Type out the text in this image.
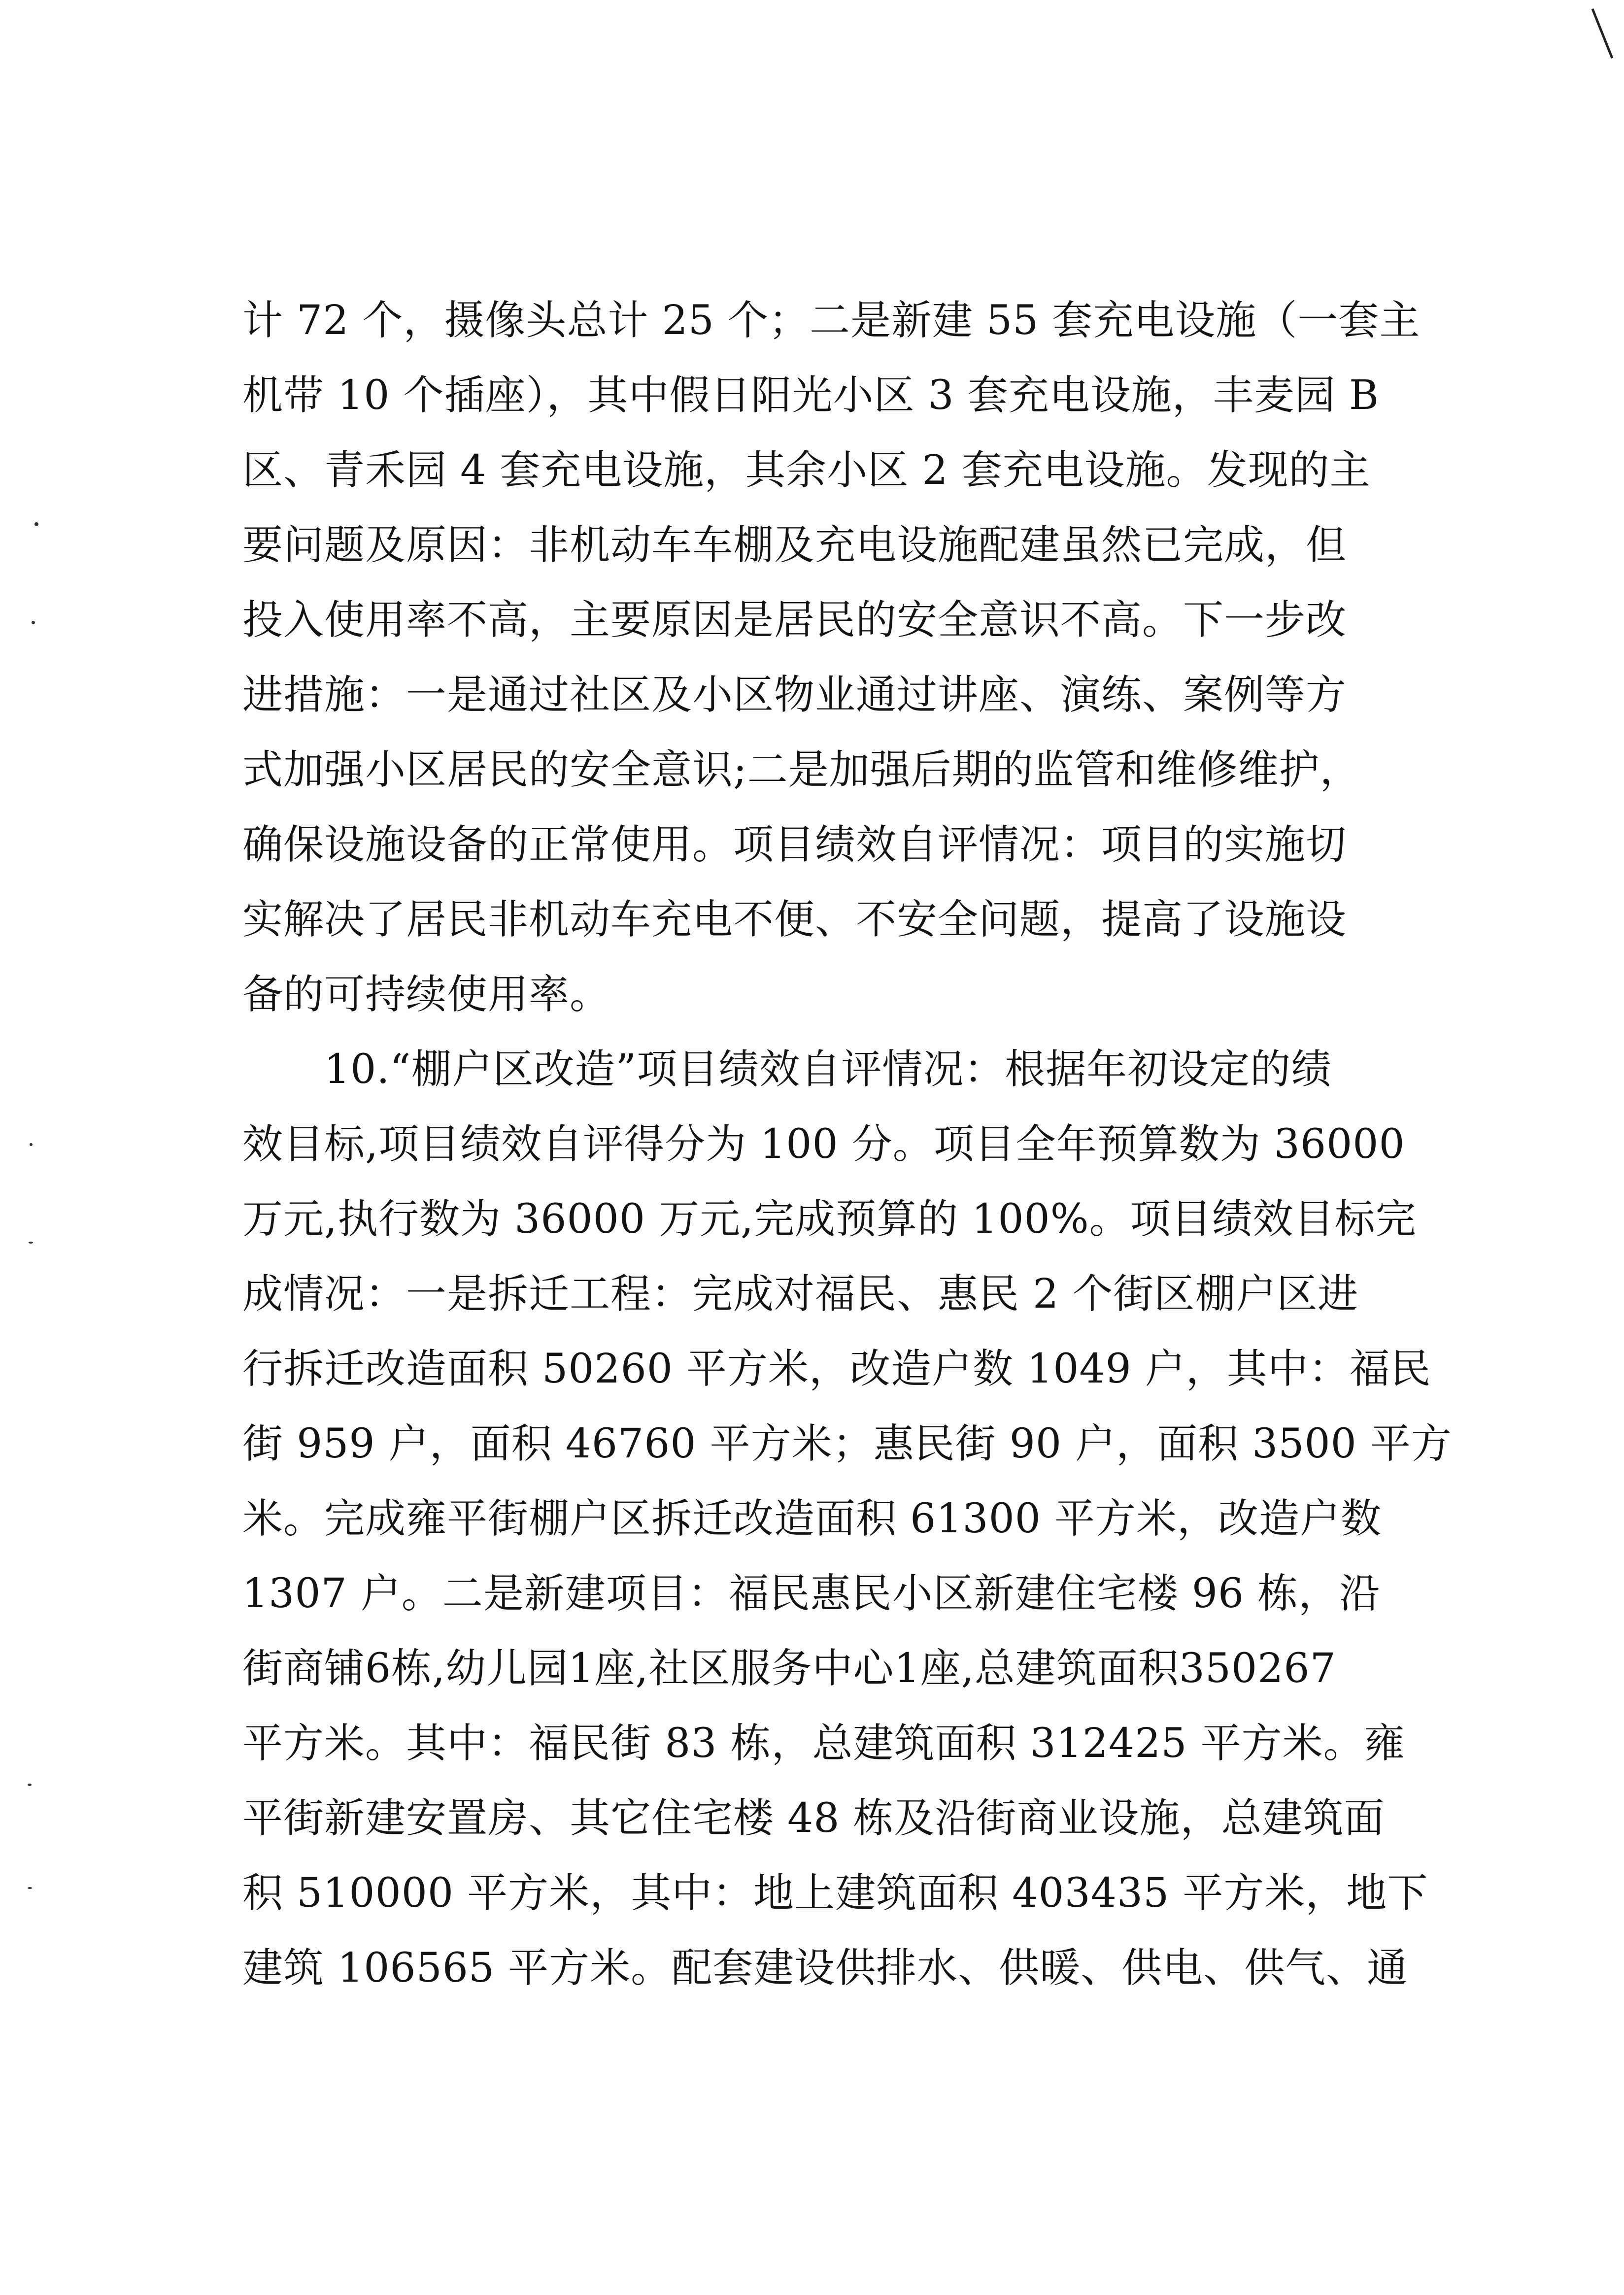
计 72 个，摄像头总计 25 个；二是新建 55 套充电设施（一套主
机带 10 个插座），其中假日阳光小区 3 套充电设施，丰麦园 B
区、青禾园 4 套充电设施，其余小区 2 套充电设施。发现的主
要问题及原因：非机动车车棚及充电设施配建虽然已完成，但
投入使用率不高，主要原因是居民的安全意识不高。下一步改
进措施：一是通过社区及小区物业通过讲座、演练、案例等方
式加强小区居民的安全意识;二是加强后期的监管和维修维护，
确保设施设备的正常使用。项目绩效自评情况：项目的实施切
实解决了居民非机动车充电不便、不安全问题，提高了设施设
备的可持续使用率。
　　10.“棚户区改造”项目绩效自评情况：根据年初设定的绩
效目标,项目绩效自评得分为 100 分。项目全年预算数为 36000
万元,执行数为 36000 万元,完成预算的 100%。项目绩效目标完
成情况：一是拆迁工程：完成对福民、惠民 2 个街区棚户区进
行拆迁改造面积 50260 平方米，改造户数 1049 户，其中：福民
街 959 户，面积 46760 平方米；惠民街 90 户，面积 3500 平方
米。完成雍平街棚户区拆迁改造面积 61300 平方米，改造户数
1307 户。二是新建项目：福民惠民小区新建住宅楼 96 栋，沿
街商铺6栋,幼儿园1座,社区服务中心1座,总建筑面积350267
平方米。其中：福民街 83 栋，总建筑面积 312425 平方米。雍
平街新建安置房、其它住宅楼 48 栋及沿街商业设施，总建筑面
积 510000 平方米，其中：地上建筑面积 403435 平方米，地下
建筑 106565 平方米。配套建设供排水、供暖、供电、供气、通
